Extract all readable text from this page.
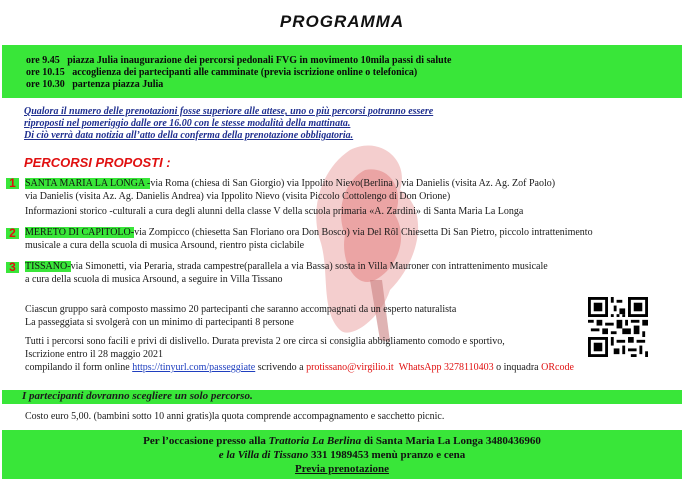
PROGRAMMA
ore 9.45 piazza Julia inaugurazione dei percorsi pedonali FVG in movimento 10mila passi di salute
ore 10.15 accoglienza dei partecipanti alle camminate (previa iscrizione online o telefonica)
ore 10.30 partenza piazza Julia
Qualora il numero delle prenotazioni fosse superiore alle attese, uno o più percorsi potranno essere
riproposti nel pomeriggio dalle ore 16.00 con le stesse modalità della mattinata.
Di ciò verrà data notizia all’atto della conferma della prenotazione obbligatoria.
PERCORSI PROPOSTI :
1 SANTA MARIA LA LONGA -via Roma (chiesa di San Giorgio) via Ippolito Nievo(Berlina ) via Danielis (visita Az. Ag. Zof Paolo)
via Danielis (visita Az. Ag. Danielis Andrea) via Ippolito Nievo (visita Piccolo Cottolengo di Don Orione)
Informazioni storico -culturali a cura degli alunni della classe V della scuola primaria «A. Zardini» di Santa Maria La Longa
2 MERETO DI CAPITOLO-via Zompicco (chiesetta San Floriano ora Don Bosco) via Del Rôl Chiesetta Di San Pietro, piccolo intrattenimento
musicale a cura della scuola di musica Arsound, rientro pista ciclabile
3 TISSANO-via Simonetti, via Peraria, strada campestre(parallela a via Bassa) sosta in Villa Mauroner con intrattenimento musicale
a cura della scuola di musica Arsound, a seguire in Villa Tissano
Ciascun gruppo sarà composto massimo 20 partecipanti che saranno accompagnati da un esperto naturalista
La passeggiata si svolgerà con un minimo di partecipanti 8 persone
Tutti i percorsi sono facili e privi di dislivello. Durata prevista 2 ore circa si consiglia abbigliamento comodo e sportivo,
Iscrizione entro il 28 maggio 2021
compilando il form online https://tinyurl.com/passeggiate scrivendo a protissano@virgilio.it WhatsApp 3278110403 o inquadra ORcode
I partecipanti dovranno scegliere un solo percorso.
Costo euro 5,00. (bambini sotto 10 anni gratis)la quota comprende accompagnamento e sacchetto picnic.
Per l’occasione presso alla Trattoria La Berlina di Santa Maria La Longa 3480436960
e la Villa di Tissano 331 1989453 menù pranzo e cena
Previa prenotazione
